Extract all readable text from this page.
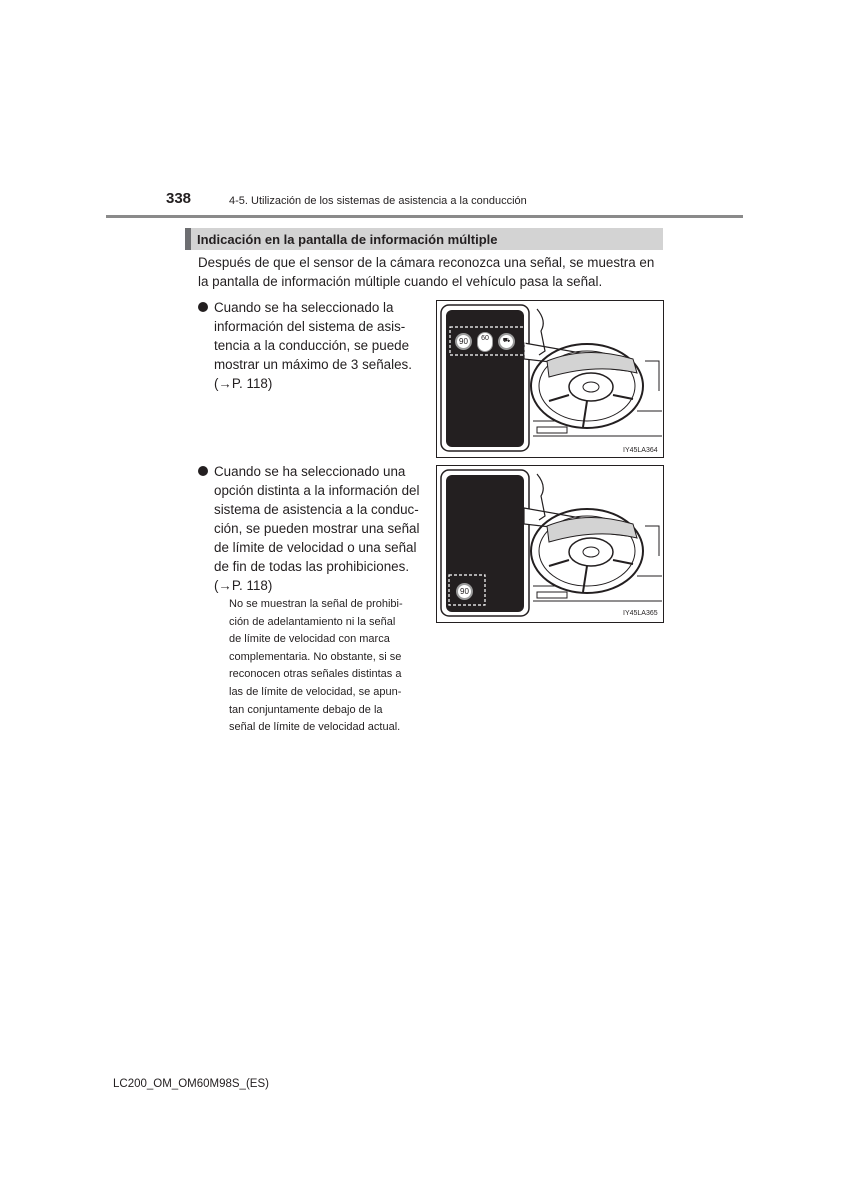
338	4-5. Utilización de los sistemas de asistencia a la conducción
Indicación en la pantalla de información múltiple
Después de que el sensor de la cámara reconozca una señal, se muestra en
la pantalla de información múltiple cuando el vehículo pasa la señal.
Cuando se ha seleccionado la
información del sistema de asis-
tencia a la conducción, se puede
mostrar un máximo de 3 señales.
(→P. 118)
Cuando se ha seleccionado una
opción distinta a la información del
sistema de asistencia a la conduc-
ción, se pueden mostrar una señal
de límite de velocidad o una señal
de fin de todas las prohibiciones.
(→P. 118)
No se muestran la señal de prohibi-
ción de adelantamiento ni la señal
de límite de velocidad con marca
complementaria. No obstante, si se
reconocen otras señales distintas a
las de límite de velocidad, se apun-
tan conjuntamente debajo de la
señal de límite de velocidad actual.
90	60	⛟
IY45LA364
90
IY45LA365
LC200_OM_OM60M98S_(ES)
